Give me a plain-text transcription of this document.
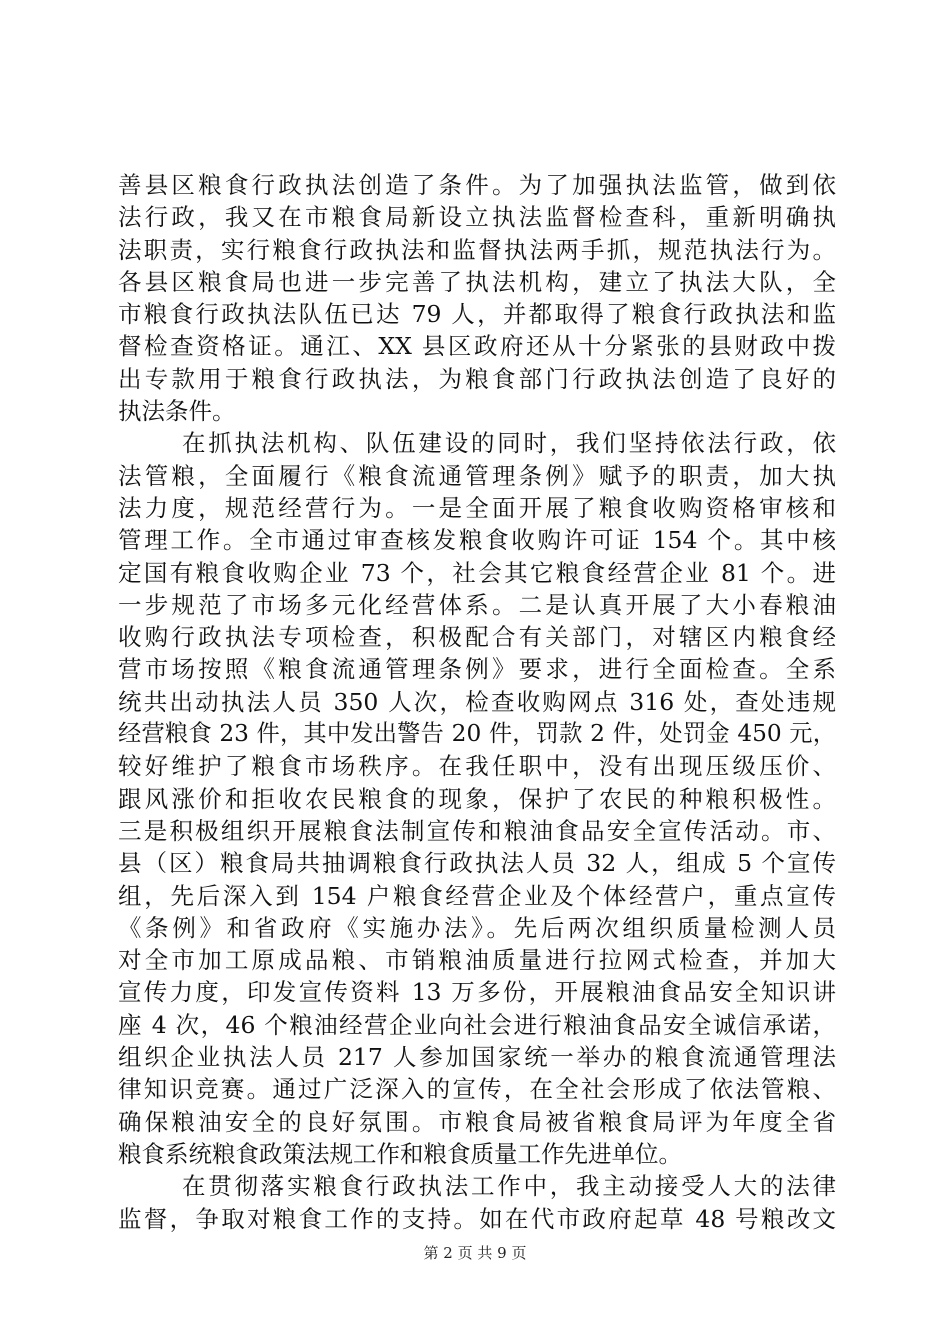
善县区粮食行政执法创造了条件。为了加强执法监管，做到依
法行政，我又在市粮食局新设立执法监督检查科，重新明确执
法职责，实行粮食行政执法和监督执法两手抓，规范执法行为。
各县区粮食局也进一步完善了执法机构，建立了执法大队，全
市粮食行政执法队伍已达 79 人，并都取得了粮食行政执法和监
督检查资格证。通江、XX 县区政府还从十分紧张的县财政中拨
出专款用于粮食行政执法，为粮食部门行政执法创造了良好的
执法条件。
在抓执法机构、队伍建设的同时，我们坚持依法行政，依
法管粮，全面履行《粮食流通管理条例》赋予的职责，加大执
法力度，规范经营行为。一是全面开展了粮食收购资格审核和
管理工作。全市通过审查核发粮食收购许可证 154 个。其中核
定国有粮食收购企业 73 个，社会其它粮食经营企业 81 个。进
一步规范了市场多元化经营体系。二是认真开展了大小春粮油
收购行政执法专项检查，积极配合有关部门，对辖区内粮食经
营市场按照《粮食流通管理条例》要求，进行全面检查。全系
统共出动执法人员 350 人次，检查收购网点 316 处，查处违规
经营粮食 23 件，其中发出警告 20 件，罚款 2 件，处罚金 450 元，
较好维护了粮食市场秩序。在我任职中，没有出现压级压价、
跟风涨价和拒收农民粮食的现象，保护了农民的种粮积极性。
三是积极组织开展粮食法制宣传和粮油食品安全宣传活动。市、
县（区）粮食局共抽调粮食行政执法人员 32 人，组成 5 个宣传
组，先后深入到 154 户粮食经营企业及个体经营户，重点宣传
《条例》和省政府《实施办法》。先后两次组织质量检测人员
对全市加工原成品粮、市销粮油质量进行拉网式检查，并加大
宣传力度，印发宣传资料 13 万多份，开展粮油食品安全知识讲
座 4 次，46 个粮油经营企业向社会进行粮油食品安全诚信承诺，
组织企业执法人员 217 人参加国家统一举办的粮食流通管理法
律知识竞赛。通过广泛深入的宣传，在全社会形成了依法管粮、
确保粮油安全的良好氛围。市粮食局被省粮食局评为年度全省
粮食系统粮食政策法规工作和粮食质量工作先进单位。
在贯彻落实粮食行政执法工作中，我主动接受人大的法律
监督，争取对粮食工作的支持。如在代市政府起草 48 号粮改文
第 2 页 共 9 页
